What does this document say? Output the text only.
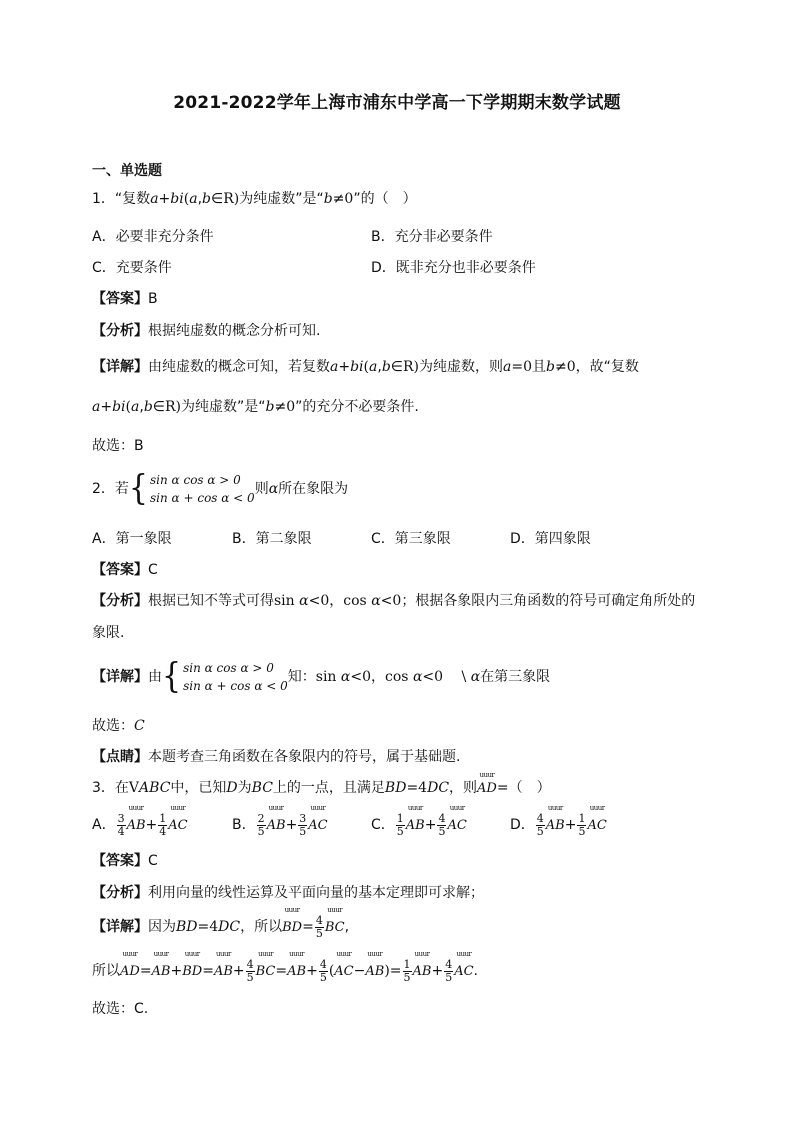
2021-2022学年上海市浦东中学高一下学期期末数学试题
一、单选题
1．“复数a+bi(a,b∈R)为纯虚数”是“b≠0”的（　）
A．必要非充分条件	B．充分非必要条件
C．充要条件	D．既非充分也非必要条件
【答案】B
【分析】根据纯虚数的概念分析可知.
【详解】由纯虚数的概念可知，若复数a+bi(a,b∈R)为纯虚数，则a=0且b≠0，故“复数
a+bi(a,b∈R)为纯虚数”是“b≠0”的充分不必要条件.
故选：B
2．若{ sin α cos α > 0
sin α + cos α < 0
则α所在象限为
A．第一象限	B．第二象限	C．第三象限	D．第四象限
【答案】C
【分析】根据已知不等式可得sin α<0，cos α<0；根据各象限内三角函数的符号可确定角所处的
象限.
【详解】由{ sin α cos α > 0
sin α + cos α < 0
知：sin α<0，cos α<0　 \ α在第三象限
故选：C
【点睛】本题考查三角函数在各象限内的符号，属于基础题.
3．在VABC中，已知D为BC上的一点，且满足BD=4DC，则uuur AD=（　）
A． $\frac{3}{4}$ uuur $AB+ \frac{1}{4}$ uuur AC	B． $\frac{2}{5}$ uuur $AB+ \frac{3}{5}$ uuur AC	C． $\frac{1}{5}$ uuur $AB+ \frac{4}{5}$ uuur AC	D． $\frac{4}{5}$ uuur $AB+ \frac{1}{5}$ uuur AC
【答案】C
【分析】利用向量的线性运算及平面向量的基本定理即可求解；
【详解】因为BD=4DC，所以uuur $BD= \frac{4}{5}$ uuur BC,
所以uuur AD=uuur AB+uuur BD=uuur $AB+ \frac{4}{5}$ uuur BC=uuur $AB+ \frac{4}{5}$ (uuur AC−uuur $AB)= \frac{1}{5}$ uuur $AB+ \frac{4}{5}$ uuur AC.
故选：C.
